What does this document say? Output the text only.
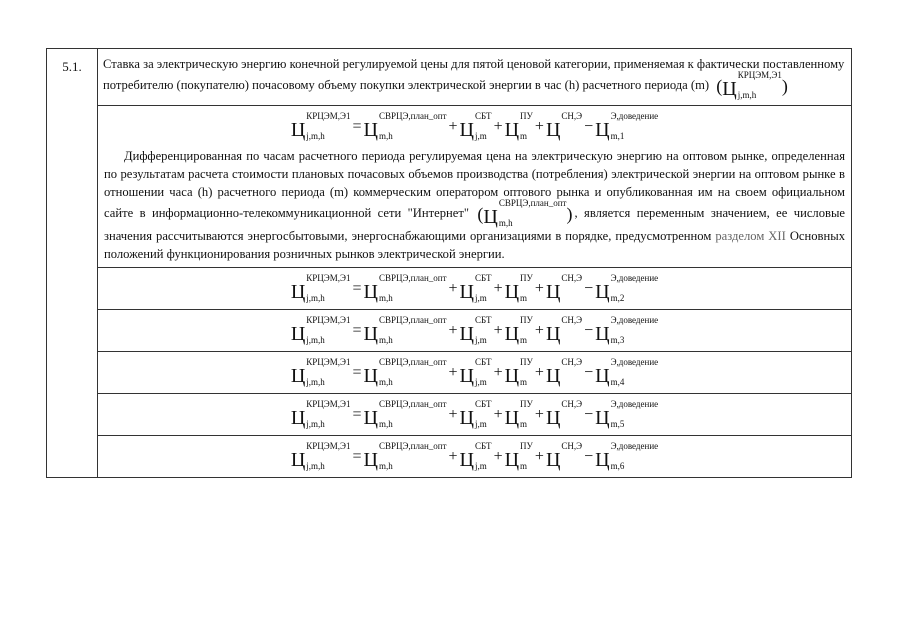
5.1.	Ставка за электрическую энергию конечной регулируемой цены для пятой ценовой категории, применяемая к фактически поставленному потребителю (покупателю) почасовому объему покупки электрической энергии в час (h) расчетного периода (m) ( Ц
КРЦЭМ,Э1
j,m,h	)

Ц
КРЦЭМ,Э1
j,m,h
= Ц
СВРЦЭ,план_опт
m,h
+ Ц
СБТ
j,m
+ Ц
ПУ
m
+ Ц
СН,Э
− Ц
Э,доведение
m,1
Дифференцированная по часам расчетного периода регулируемая цена на электрическую энергию на оптовом рынке, определенная по результатам расчета стоимости плановых почасовых объемов производства (потребления) электрической энергии на оптовом рынке в отношении часа (h) расчетного периода (m) коммерческим оператором оптового рынка и опубликованная им на своем официальном сайте в информационно-телекоммуникационной сети "Интернет" ( Ц
СВРЦЭ,план_опт
m,h	) , является переменным значением, ее числовые значения рассчитываются энергосбытовыми, энергоснабжающими организациями в порядке, предусмотренном разделом XII Основных положений функционирования розничных рынков электрической энергии.

Ц
КРЦЭМ,Э1
j,m,h
= Ц
СВРЦЭ,план_опт
m,h
+ Ц
СБТ
j,m
+ Ц
ПУ
m
+ Ц
СН,Э
− Ц
Э,доведение
m,2

Ц
КРЦЭМ,Э1
j,m,h
= Ц
СВРЦЭ,план_опт
m,h
+ Ц
СБТ
j,m
+ Ц
ПУ
m
+ Ц
СН,Э
− Ц
Э,доведение
m,3

Ц
КРЦЭМ,Э1
j,m,h
= Ц
СВРЦЭ,план_опт
m,h
+ Ц
СБТ
j,m
+ Ц
ПУ
m
+ Ц
СН,Э
− Ц
Э,доведение
m,4

Ц
КРЦЭМ,Э1
j,m,h
= Ц
СВРЦЭ,план_опт
m,h
+ Ц
СБТ
j,m
+ Ц
ПУ
m
+ Ц
СН,Э
− Ц
Э,доведение
m,5

Ц
КРЦЭМ,Э1
j,m,h
= Ц
СВРЦЭ,план_опт
m,h
+ Ц
СБТ
j,m
+ Ц
ПУ
m
+ Ц
СН,Э
− Ц
Э,доведение
m,6
